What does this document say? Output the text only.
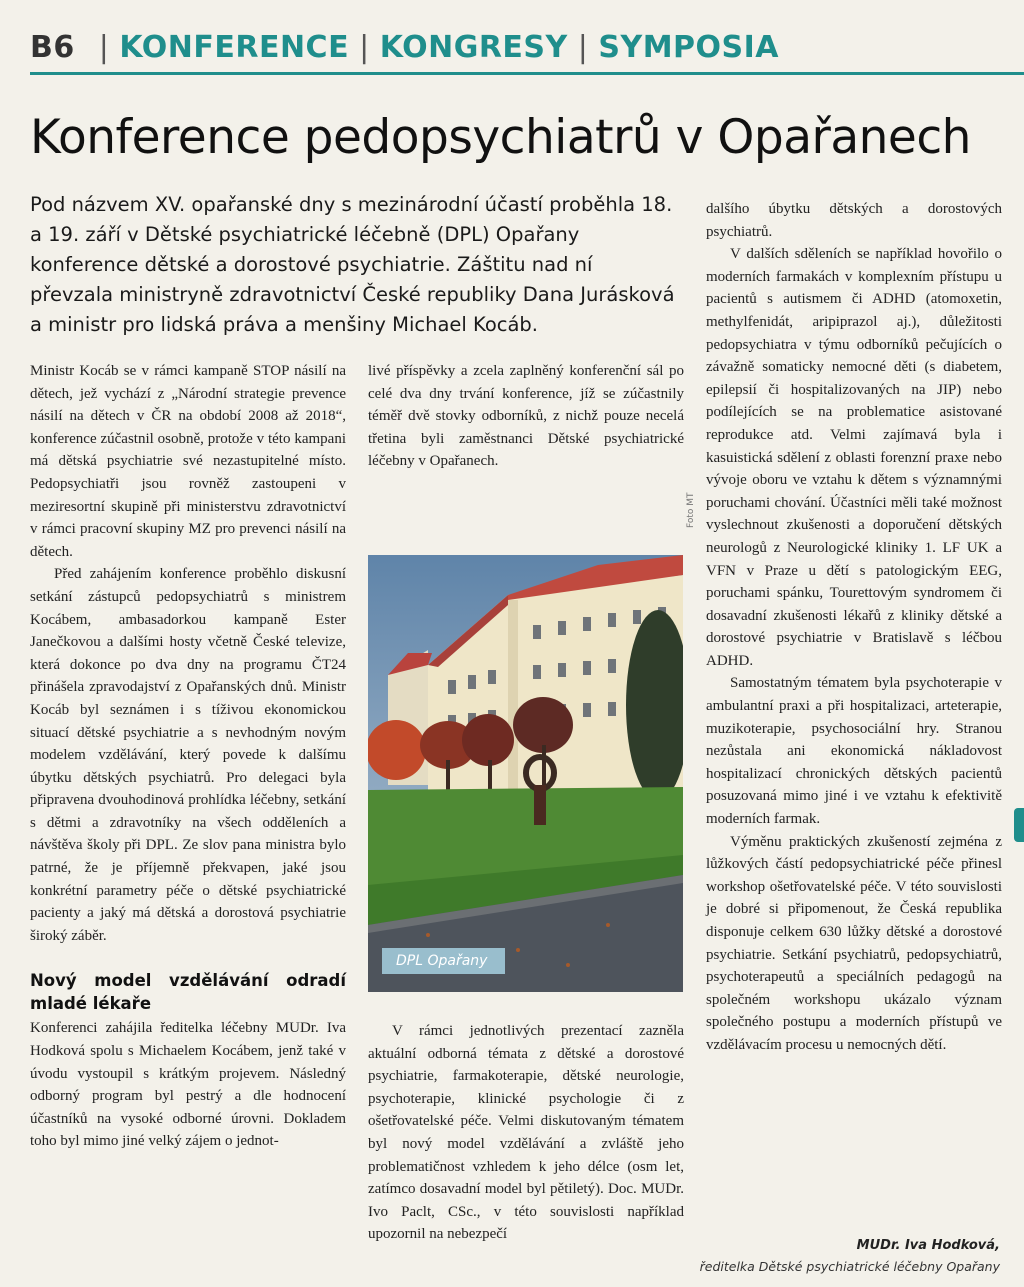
B6 | KONFERENCE | KONGRESY | SYMPOSIA
Konference pedopsychiatrů v Opařanech
Pod názvem XV. opařanské dny s mezinárodní účastí proběhla 18. a 19. září v Dětské psychiatrické léčebně (DPL) Opařany konference dětské a dorostové psychiatrie. Záštitu nad ní převzala ministryně zdravotnictví České republiky Dana Jurásková a ministr pro lidská práva a menšiny Michael Kocáb.

Ministr Kocáb se v rámci kampaně STOP násilí na dětech, jež vychází z „Národní strategie prevence násilí na dětech v ČR na období 2008 až 2018“, konference zúčastnil osobně, protože v této kampani má dětská psychiatrie své nezastupitelné místo. Pedopsychiatři jsou rovněž zastoupeni v meziresortní skupině při ministerstvu zdravotnictví v rámci pracovní skupiny MZ pro prevenci násilí na dětech.

Před zahájením konference proběhlo diskusní setkání zástupců pedopsychiatrů s ministrem Kocábem, ambasadorkou kampaně Ester Janečkovou a dalšími hosty včetně České televize, která dokonce po dva dny na programu ČT24 přinášela zpravodajství z Opařanských dnů. Ministr Kocáb byl seznámen i s tíživou ekonomickou situací dětské psychiatrie a s nevhodným novým modelem vzdělávání, který povede k dalšímu úbytku dětských psychiatrů. Pro delegaci byla připravena dvouhodinová prohlídka léčebny, setkání s dětmi a zdravotníky na všech odděleních a návštěva školy při DPL. Ze slov pana ministra bylo patrné, že je příjemně překvapen, jaké jsou konkrétní parametry péče o dětské psychiatrické pacienty a jaký má dětská a dorostová psychiatrie široký záběr.

Nový model vzdělávání odradí mladé lékaře

Konferenci zahájila ředitelka léčebny MUDr. Iva Hodková spolu s Michaelem Kocábem, jenž také v úvodu vystoupil s krátkým projevem. Následný odborný program byl pestrý a dle hodnocení účastníků na vysoké odborné úrovni. Dokladem toho byl mimo jiné velký zájem o jednot-

livé příspěvky a zcela zaplněný konferenční sál po celé dva dny trvání konference, jíž se zúčastnily téměř dvě stovky odborníků, z nichž pouze necelá třetina byli zaměstnanci Dětské psychiatrické léčebny v Opařanech.

Foto MT
DPL Opařany

V rámci jednotlivých prezentací zazněla aktuální odborná témata z dětské a dorostové psychiatrie, farmakoterapie, dětské neurologie, psychoterapie, klinické psychologie či z ošetřovatelské péče. Velmi diskutovaným tématem byl nový model vzdělávání a zvláště jeho problematičnost vzhledem k jeho délce (osm let, zatímco dosavadní model byl pětiletý). Doc. MUDr. Ivo Paclt, CSc., v této souvislosti například upozornil na nebezpečí

dalšího úbytku dětských a dorostových psychiatrů.

V dalších sděleních se například hovořilo o moderních farmakách v komplexním přístupu u pacientů s autismem či ADHD (atomoxetin, methylfenidát, aripiprazol aj.), důležitosti pedopsychiatra v týmu odborníků pečujících o závažně somaticky nemocné děti (s diabetem, epilepsií či hospitalizovaných na JIP) nebo podílejících se na problematice asistované reprodukce atd. Velmi zajímavá byla i kasuistická sdělení z oblasti forenzní praxe nebo vývoje oboru ve vztahu k dětem s významnými poruchami chování. Účastníci měli také možnost vyslechnout zkušenosti a doporučení dětských neurologů z Neurologické kliniky 1. LF UK a VFN v Praze u dětí s patologickým EEG, poruchami spánku, Tourettovým syndromem či dosavadní zkušenosti lékařů z kliniky dětské a dorostové psychiatrie v Bratislavě s léčbou ADHD.

Samostatným tématem byla psychoterapie v ambulantní praxi a při hospitalizaci, arteterapie, muzikoterapie, psychosociální hry. Stranou nezůstala ani ekonomická nákladovost hospitalizací chronických dětských pacientů posuzovaná mimo jiné i ve vztahu k efektivitě moderních farmak.

Výměnu praktických zkušeností zejména z lůžkových částí pedopsychiatrické péče přinesl workshop ošetřovatelské péče. V této souvislosti je dobré si připomenout, že Česká republika disponuje celkem 630 lůžky dětské a dorostové psychiatrie. Setkání psychiatrů, pedopsychiatrů, psychoterapeutů a speciálních pedagogů na společném workshopu ukázalo význam společného postupu a moderních přístupů ve vzdělávacím procesu u nemocných dětí.

MUDr. Iva Hodková,
ředitelka Dětské psychiatrické léčebny Opařany
